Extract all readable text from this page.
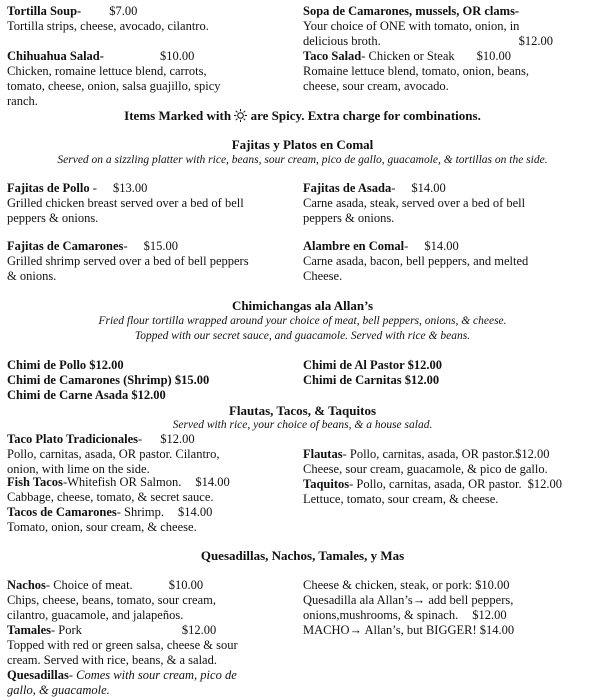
Tortilla Soup- $7.00
Tortilla strips, cheese, avocado, cilantro.
Chihuahua Salad-	$10.00
Chicken, romaine lettuce blend, carrots, tomato, cheese, onion, salsa guajillo, spicy ranch.
Sopa de Camarones, mussels, OR clams-
Your choice of ONE with tomato, onion, in delicious broth.	$12.00
Taco Salad- Chicken or Steak $10.00
Romaine lettuce blend, tomato, onion, beans, cheese, sour cream, avocado.
Items Marked with are Spicy. Extra charge for combinations.
Fajitas y Platos en Comal
Served on a sizzling platter with rice, beans, sour cream, pico de gallo, guacamole, & tortillas on the side.
Fajitas de Pollo - $13.00
Grilled chicken breast served over a bed of bell peppers & onions.
Fajitas de Asada- $14.00
Carne asada, steak, served over a bed of bell peppers & onions.
Fajitas de Camarones- $15.00
Grilled shrimp served over a bed of bell peppers & onions.
Alambre en Comal- $14.00
Carne asada, bacon, bell peppers, and melted Cheese.
Chimichangas ala Allan’s
Fried flour tortilla wrapped around your choice of meat, bell peppers, onions, & cheese.
Topped with our secret sauce, and guacamole. Served with rice & beans.
Chimi de Pollo $12.00
Chimi de Camarones (Shrimp) $15.00
Chimi de Carne Asada $12.00
Chimi de Al Pastor $12.00
Chimi de Carnitas $12.00
Flautas, Tacos, & Taquitos
Served with rice, your choice of beans, & a house salad.
Taco Plato Tradicionales- $12.00
Pollo, carnitas, asada, OR pastor. Cilantro, onion, with lime on the side.
Fish Tacos-Whitefish OR Salmon. $14.00
Cabbage, cheese, tomato, & secret sauce.
Tacos de Camarones- Shrimp. $14.00
Tomato, onion, sour cream, & cheese.
Flautas- Pollo, carnitas, asada, OR pastor.$12.00
Cheese, sour cream, guacamole, & pico de gallo.
Taquitos- Pollo, carnitas, asada, OR pastor. $12.00
Lettuce, tomato, sour cream, & cheese.
Quesadillas, Nachos, Tamales, y Mas
Nachos- Choice of meat.	$10.00
Chips, cheese, beans, tomato, sour cream, cilantro, guacamole, and jalapeños.
Tamales- Pork	$12.00
Topped with red or green salsa, cheese & sour cream. Served with rice, beans, & a salad.
Quesadillas- Comes with sour cream, pico de gallo, & guacamole.
Cheese & chicken, steak, or pork: $10.00
Quesadilla ala Allan’s→ add bell peppers, onions,mushrooms, & spinach. $12.00
MACHO→ Allan’s, but BIGGER! $14.00
